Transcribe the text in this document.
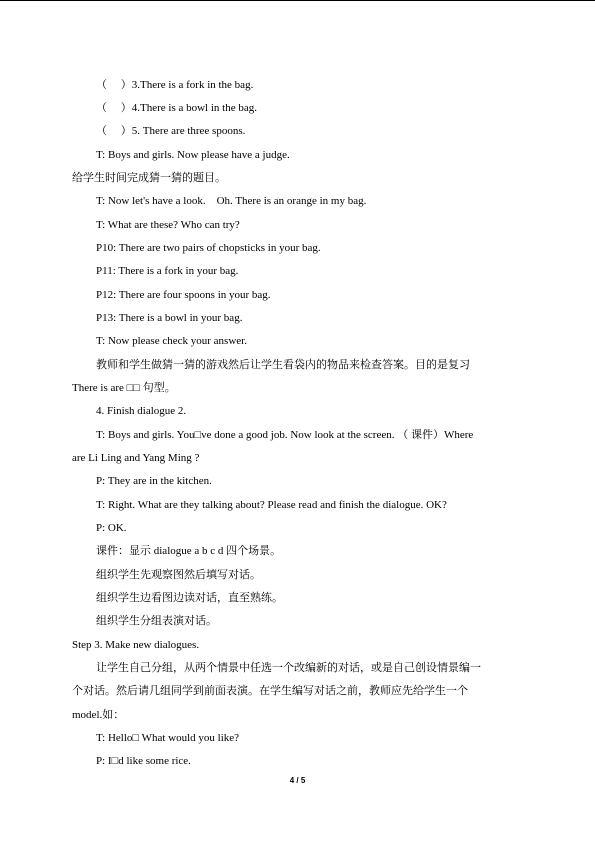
（　 ）3.There is a fork in the bag.
（　 ）4.There is a bowl in the bag.
（　 ）5. There are three spoons.
T: Boys and girls. Now please have a judge.
给学生时间完成猜一猜的题目。
T: Now let's have a look.　Oh. There is an orange in my bag.
T: What are these? Who can try?
P10: There are two pairs of chopsticks in your bag.
P11: There is a fork in your bag.
P12: There are four spoons in your bag.
P13: There is a bowl in your bag.
T: Now please check your answer.
教师和学生做猜一猜的游戏然后让学生看袋内的物品来检查答案。目的是复习
There is are □□ 句型。
4. Finish dialogue 2.
T: Boys and girls. You□ve done a good job. Now look at the screen. （ 课件）Where
are Li Ling and Yang Ming ?
P: They are in the kitchen.
T: Right. What are they talking about? Please read and finish the dialogue. OK?
P: OK.
课件：显示 dialogue a b c d 四个场景。
组织学生先观察图然后填写对话。
组织学生边看图边读对话，直至熟练。
组织学生分组表演对话。
Step 3. Make new dialogues.
让学生自己分组，从两个情景中任选一个改编新的对话，或是自己创设情景编一
个对话。然后请几组同学到前面表演。在学生编写对话之前，教师应先给学生一个
model.如：
T: Hello□ What would you like?
P: I□d like some rice.
4 / 5
